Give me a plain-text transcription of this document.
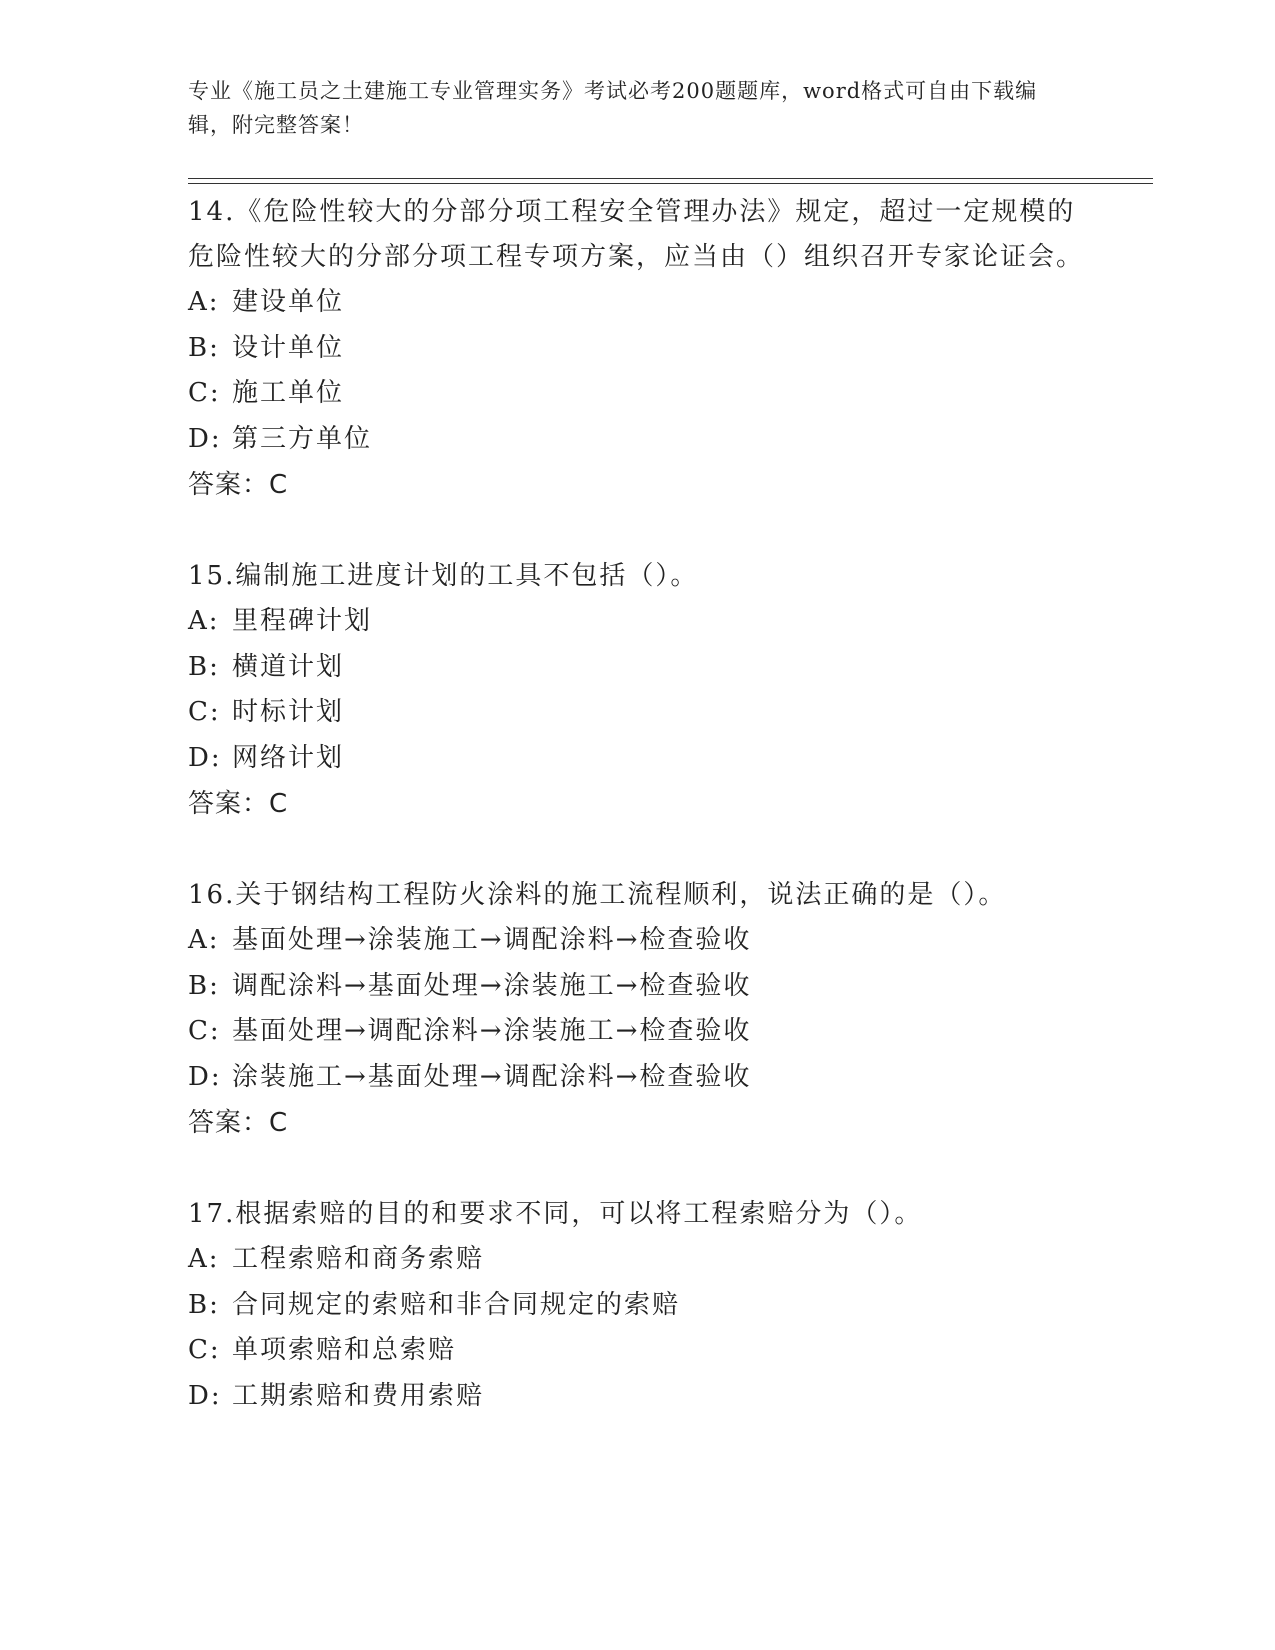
专业《施工员之土建施工专业管理实务》考试必考200题题库，word格式可自由下载编辑，附完整答案！

14.《危险性较大的分部分项工程安全管理办法》规定，超过一定规模的危险性较大的分部分项工程专项方案，应当由（）组织召开专家论证会。

A: 建设单位
B: 设计单位
C: 施工单位
D: 第三方单位

答案：C

15.编制施工进度计划的工具不包括（）。

A: 里程碑计划
B: 横道计划
C: 时标计划
D: 网络计划

答案：C

16.关于钢结构工程防火涂料的施工流程顺利，说法正确的是（）。

A: 基面处理→涂装施工→调配涂料→检查验收
B: 调配涂料→基面处理→涂装施工→检查验收
C: 基面处理→调配涂料→涂装施工→检查验收
D: 涂装施工→基面处理→调配涂料→检查验收

答案：C

17.根据索赔的目的和要求不同，可以将工程索赔分为（）。

A: 工程索赔和商务索赔
B: 合同规定的索赔和非合同规定的索赔
C: 单项索赔和总索赔
D: 工期索赔和费用索赔
